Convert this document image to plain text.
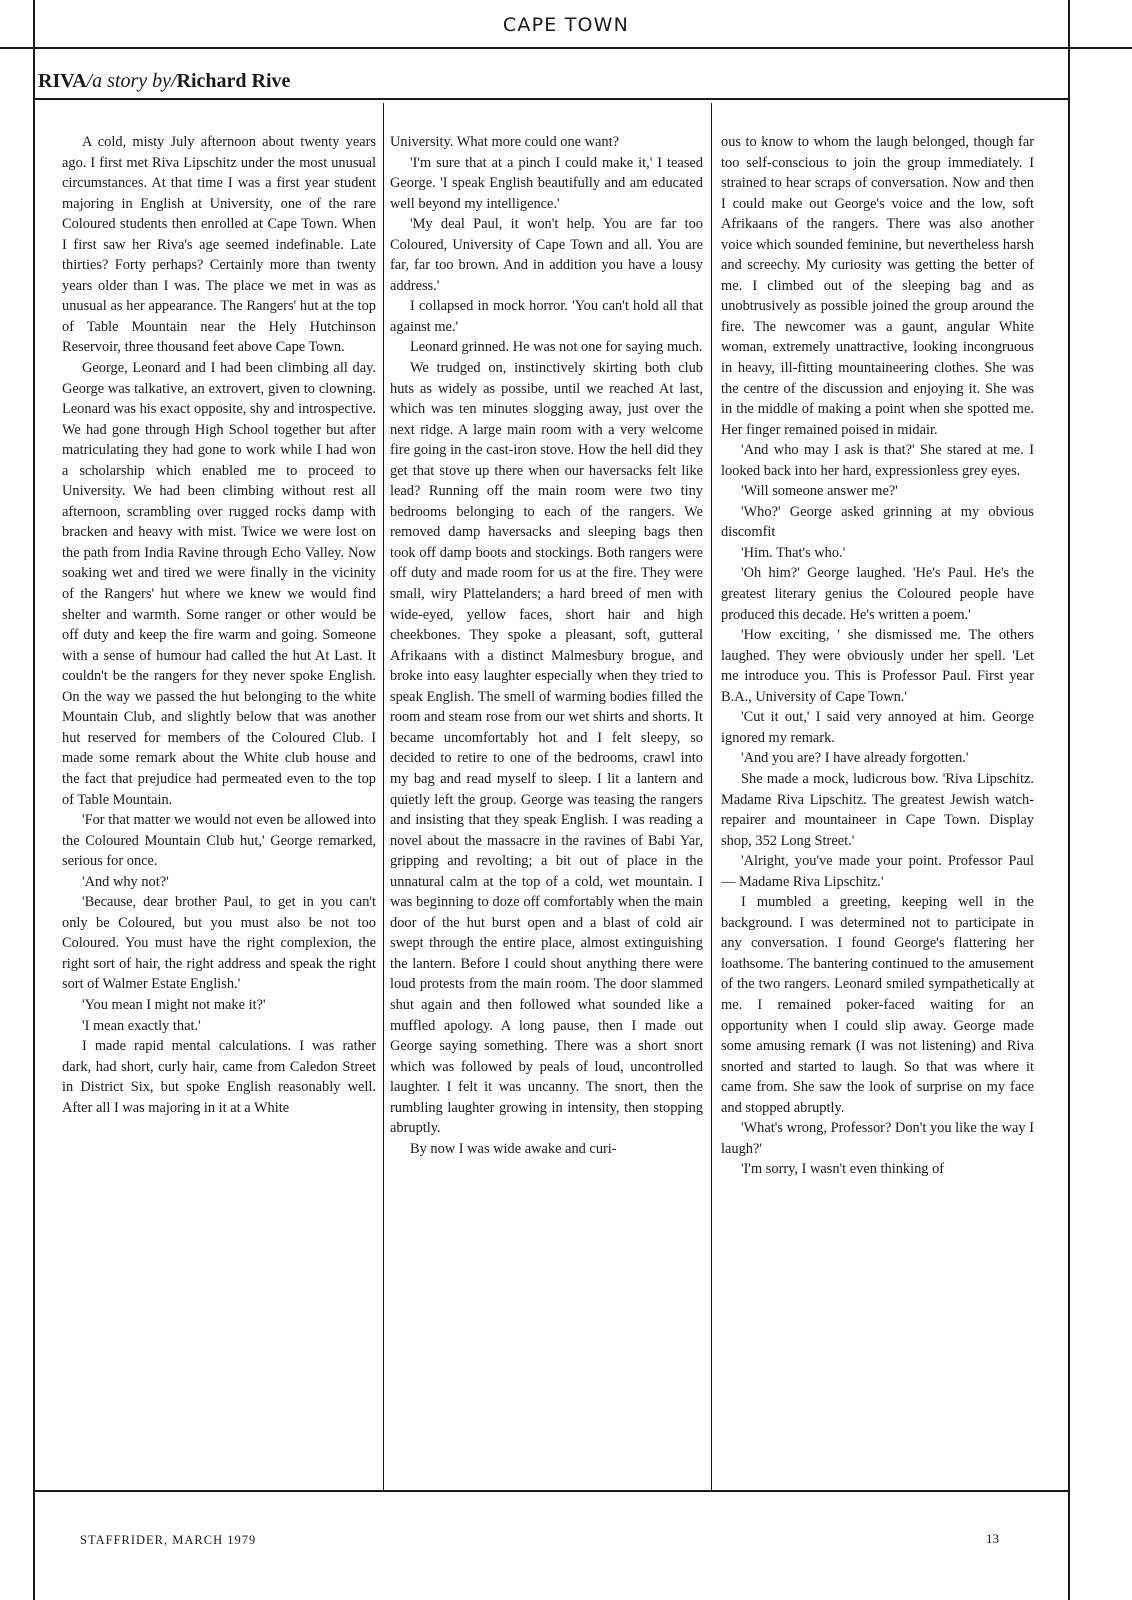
CAPE TOWN
RIVA/a story by/Richard Rive

A cold, misty July afternoon about twenty years ago. I first met Riva Lipschitz under the most unusual circumstances. At that time I was a first year student majoring in English at University, one of the rare Coloured students then enrolled at Cape Town. When I first saw her Riva's age seemed indefinable. Late thirties? Forty perhaps? Certainly more than twenty years older than I was. The place we met in was as unusual as her appearance. The Rangers' hut at the top of Table Mountain near the Hely Hutchinson Reservoir, three thousand feet above Cape Town.

George, Leonard and I had been climbing all day. George was talkative, an extrovert, given to clowning. Leonard was his exact opposite, shy and introspective. We had gone through High School together but after matriculating they had gone to work while I had won a scholarship which enabled me to proceed to University. We had been climbing without rest all afternoon, scrambling over rugged rocks damp with bracken and heavy with mist. Twice we were lost on the path from India Ravine through Echo Valley. Now soaking wet and tired we were finally in the vicinity of the Rangers' hut where we knew we would find shelter and warmth. Some ranger or other would be off duty and keep the fire warm and going. Someone with a sense of humour had called the hut At Last. It couldn't be the rangers for they never spoke English. On the way we passed the hut belonging to the white Mountain Club, and slightly below that was another hut reserved for members of the Coloured Club. I made some remark about the White club house and the fact that prejudice had permeated even to the top of Table Mountain.

'For that matter we would not even be allowed into the Coloured Mountain Club hut,' George remarked, serious for once.

'And why not?'

'Because, dear brother Paul, to get in you can't only be Coloured, but you must also be not too Coloured. You must have the right complexion, the right sort of hair, the right address and speak the right sort of Walmer Estate English.'

'You mean I might not make it?'

'I mean exactly that.'

I made rapid mental calculations. I was rather dark, had short, curly hair, came from Caledon Street in District Six, but spoke English reasonably well. After all I was majoring in it at a White

University. What more could one want?

'I'm sure that at a pinch I could make it,' I teased George. 'I speak English beautifully and am educated well beyond my intelligence.'

'My deal Paul, it won't help. You are far too Coloured, University of Cape Town and all. You are far, far too brown. And in addition you have a lousy address.'

I collapsed in mock horror. 'You can't hold all that against me.'

Leonard grinned. He was not one for saying much.

We trudged on, instinctively skirting both club huts as widely as possibe, until we reached At last, which was ten minutes slogging away, just over the next ridge. A large main room with a very welcome fire going in the cast-iron stove. How the hell did they get that stove up there when our haversacks felt like lead? Running off the main room were two tiny bedrooms belonging to each of the rangers. We removed damp haversacks and sleeping bags then took off damp boots and stockings. Both rangers were off duty and made room for us at the fire. They were small, wiry Plattelanders; a hard breed of men with wide-eyed, yellow faces, short hair and high cheekbones. They spoke a pleasant, soft, gutteral Afrikaans with a distinct Malmesbury brogue, and broke into easy laughter especially when they tried to speak English. The smell of warming bodies filled the room and steam rose from our wet shirts and shorts. It became uncomfortably hot and I felt sleepy, so decided to retire to one of the bedrooms, crawl into my bag and read myself to sleep. I lit a lantern and quietly left the group. George was teasing the rangers and insisting that they speak English. I was reading a novel about the massacre in the ravines of Babi Yar, gripping and revolting; a bit out of place in the unnatural calm at the top of a cold, wet mountain. I was beginning to doze off comfortably when the main door of the hut burst open and a blast of cold air swept through the entire place, almost extinguishing the lantern. Before I could shout anything there were loud protests from the main room. The door slammed shut again and then followed what sounded like a muffled apology. A long pause, then I made out George saying something. There was a short snort which was followed by peals of loud, uncontrolled laughter. I felt it was uncanny. The snort, then the rumbling laughter growing in intensity, then stopping abruptly.

By now I was wide awake and curi-

ous to know to whom the laugh belonged, though far too self-conscious to join the group immediately. I strained to hear scraps of conversation. Now and then I could make out George's voice and the low, soft Afrikaans of the rangers. There was also another voice which sounded feminine, but nevertheless harsh and screechy. My curiosity was getting the better of me. I climbed out of the sleeping bag and as unobtrusively as possible joined the group around the fire. The newcomer was a gaunt, angular White woman, extremely unattractive, looking incongruous in heavy, ill-fitting mountaineering clothes. She was the centre of the discussion and enjoying it. She was in the middle of making a point when she spotted me. Her finger remained poised in midair.

'And who may I ask is that?' She stared at me. I looked back into her hard, expressionless grey eyes.

'Will someone answer me?'

'Who?' George asked grinning at my obvious discomfit

'Him. That's who.'

'Oh him?' George laughed. 'He's Paul. He's the greatest literary genius the Coloured people have produced this decade. He's written a poem.'

'How exciting, ' she dismissed me. The others laughed. They were obviously under her spell. 'Let me introduce you. This is Professor Paul. First year B.A., University of Cape Town.'

'Cut it out,' I said very annoyed at him. George ignored my remark.

'And you are? I have already forgotten.'

She made a mock, ludicrous bow. 'Riva Lipschitz. Madame Riva Lipschitz. The greatest Jewish watch-repairer and mountaineer in Cape Town. Display shop, 352 Long Street.'

'Alright, you've made your point. Professor Paul — Madame Riva Lipschitz.'

I mumbled a greeting, keeping well in the background. I was determined not to participate in any conversation. I found George's flattering her loathsome. The bantering continued to the amusement of the two rangers. Leonard smiled sympathetically at me. I remained poker-faced waiting for an opportunity when I could slip away. George made some amusing remark (I was not listening) and Riva snorted and started to laugh. So that was where it came from. She saw the look of surprise on my face and stopped abruptly.

'What's wrong, Professor? Don't you like the way I laugh?'

'I'm sorry, I wasn't even thinking of

STAFFRIDER, MARCH 1979	13
